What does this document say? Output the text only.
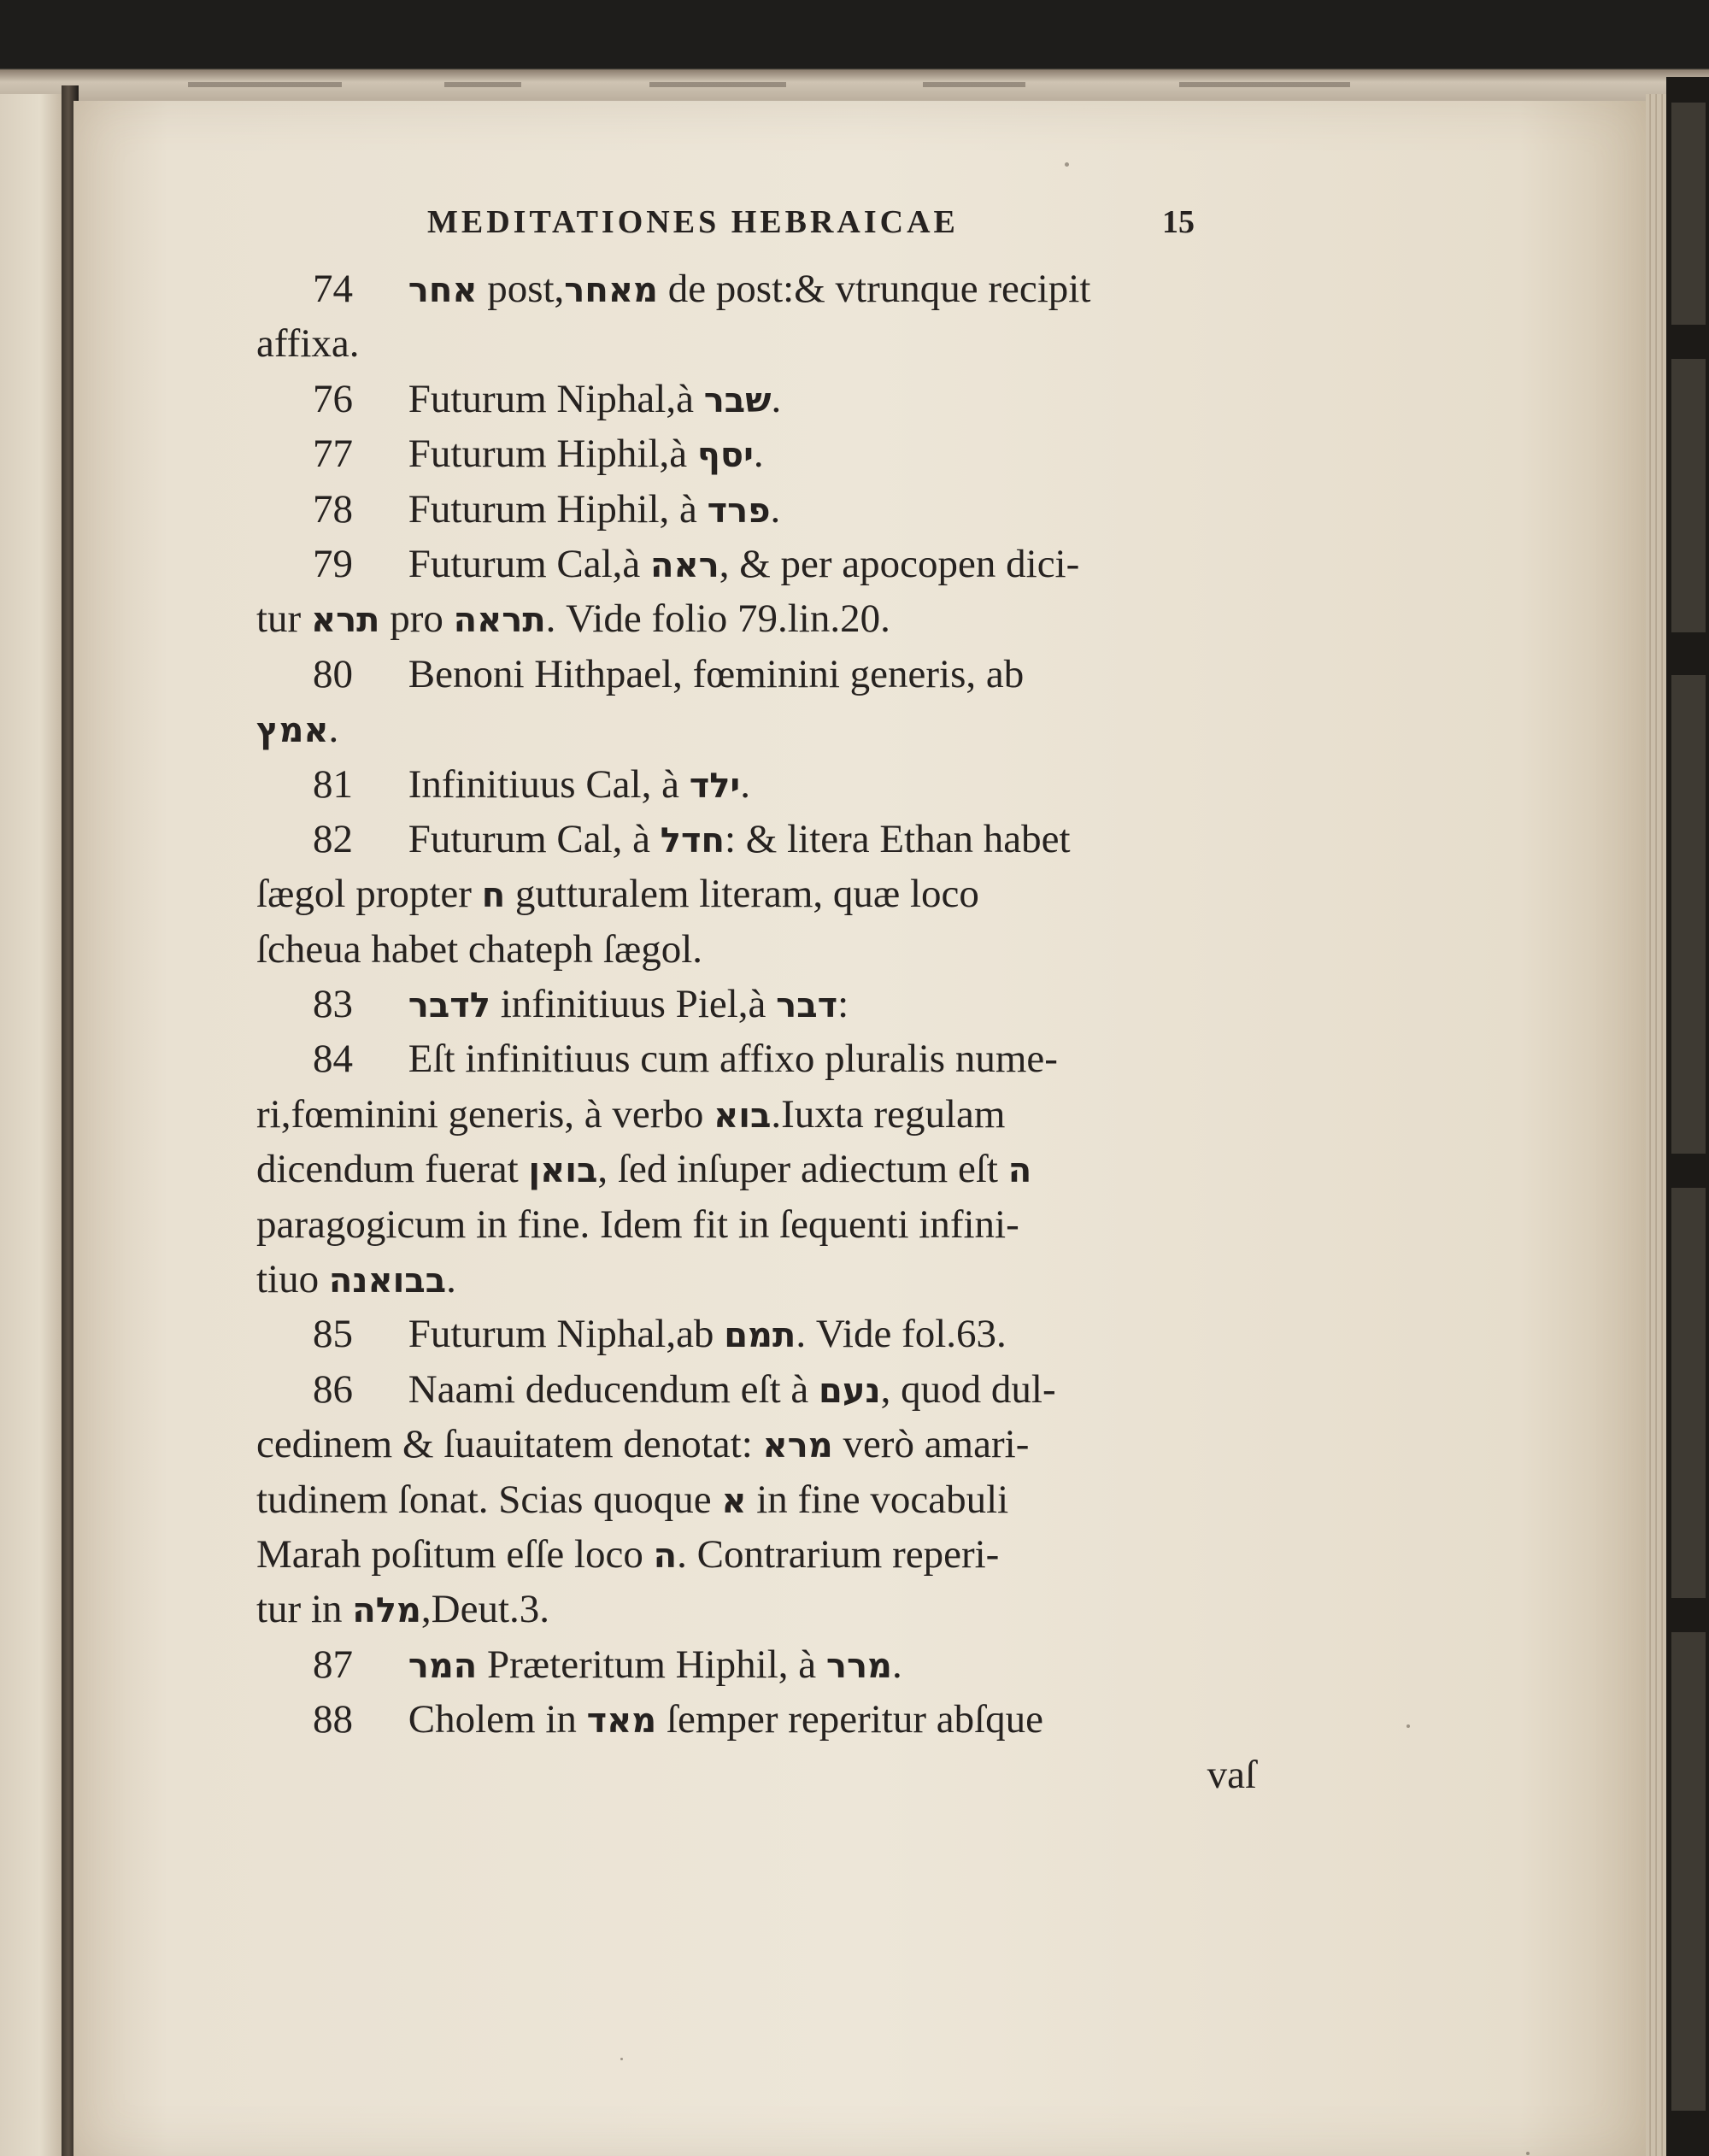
MEDITATIONES HEBRAICAE	15
74 אחר post,מאחר de post:& vtrunque recipit
affixa.
76 Futurum Niphal,à שבר.
77 Futurum Hiphil,à יסף.
78 Futurum Hiphil, à פרד.
79 Futurum Cal,à ראה, & per apocopen dici-
tur תרא pro תראה. Vide folio 79.lin.20.
80 Benoni Hithpael, fœminini generis, ab
אמץ.
81 Infinitiuus Cal, à ילד.
82 Futurum Cal, à חדל: & litera Ethan habet
ſægol propter ח gutturalem literam, quæ loco
ſcheua habet chateph ſægol.
83 לדבר infinitiuus Piel,à דבר:
84 Eſt infinitiuus cum affixo pluralis nume-
ri,fœminini generis, à verbo בוא.Iuxta regulam
dicendum fuerat בואן, ſed inſuper adiectum eſt ה
paragogicum in fine. Idem fit in ſequenti infini-
tiuo בבואנה.
85 Futurum Niphal,ab תמם. Vide fol.63.
86 Naami deducendum eſt à נעם, quod dul-
cedinem & ſuauitatem denotat: מרא verò amari-
tudinem ſonat. Scias quoque א in fine vocabuli
Marah poſitum eſſe loco ה. Contrarium reperi-
tur in מלה,Deut.3.
87 המר Præteritum Hiphil, à מרר.
88 Cholem in מאד ſemper reperitur abſque
vaſ
